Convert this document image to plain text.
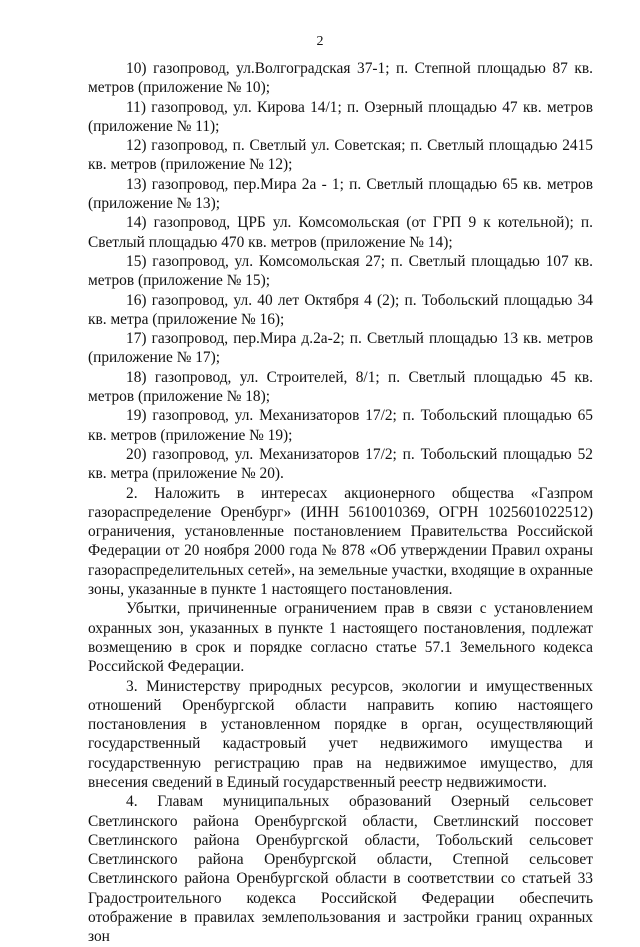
2

10) газопровод, ул.Волгоградская 37-1; п. Степной площадью 87 кв. метров (приложение № 10);

11) газопровод, ул. Кирова 14/1; п. Озерный площадью 47 кв. метров (приложение № 11);

12) газопровод, п. Светлый ул. Советская; п. Светлый площадью 2415 кв. метров (приложение № 12);

13) газопровод, пер.Мира 2а - 1; п. Светлый площадью 65 кв. метров (приложение № 13);

14) газопровод, ЦРБ ул. Комсомольская (от ГРП 9 к котельной); п. Светлый площадью 470 кв. метров (приложение № 14);

15) газопровод, ул. Комсомольская 27; п. Светлый площадью 107 кв. метров (приложение № 15);

16) газопровод, ул. 40 лет Октября 4 (2); п. Тобольский площадью 34 кв. метра (приложение № 16);

17) газопровод, пер.Мира д.2а-2; п. Светлый площадью 13 кв. метров (приложение № 17);

18) газопровод, ул. Строителей, 8/1; п. Светлый площадью 45 кв. метров (приложение № 18);

19) газопровод, ул. Механизаторов 17/2; п. Тобольский площадью 65 кв. метров (приложение № 19);

20) газопровод, ул. Механизаторов 17/2; п. Тобольский площадью 52 кв. метра (приложение № 20).

2. Наложить в интересах акционерного общества «Газпром газораспределение Оренбург» (ИНН 5610010369, ОГРН 1025601022512) ограничения, установленные постановлением Правительства Российской Федерации от 20 ноября 2000 года № 878 «Об утверждении Правил охраны газораспределительных сетей», на земельные участки, входящие в охранные зоны, указанные в пункте 1 настоящего постановления.

Убытки, причиненные ограничением прав в связи с установлением охранных зон, указанных в пункте 1 настоящего постановления, подлежат возмещению в срок и порядке согласно статье 57.1 Земельного кодекса Российской Федерации.

3. Министерству природных ресурсов, экологии и имущественных отношений Оренбургской области направить копию настоящего постановления в установленном порядке в орган, осуществляющий государственный кадастровый учет недвижимого имущества и государственную регистрацию прав на недвижимое имущество, для внесения сведений в Единый государственный реестр недвижимости.

4. Главам муниципальных образований Озерный сельсовет Светлинского района Оренбургской области, Светлинский поссовет Светлинского района Оренбургской области, Тобольский сельсовет Светлинского района Оренбургской области, Степной сельсовет Светлинского района Оренбургской области в соответствии со статьей 33 Градостроительного кодекса Российской Федерации обеспечить отображение в правилах землепользования и застройки границ охранных зон
